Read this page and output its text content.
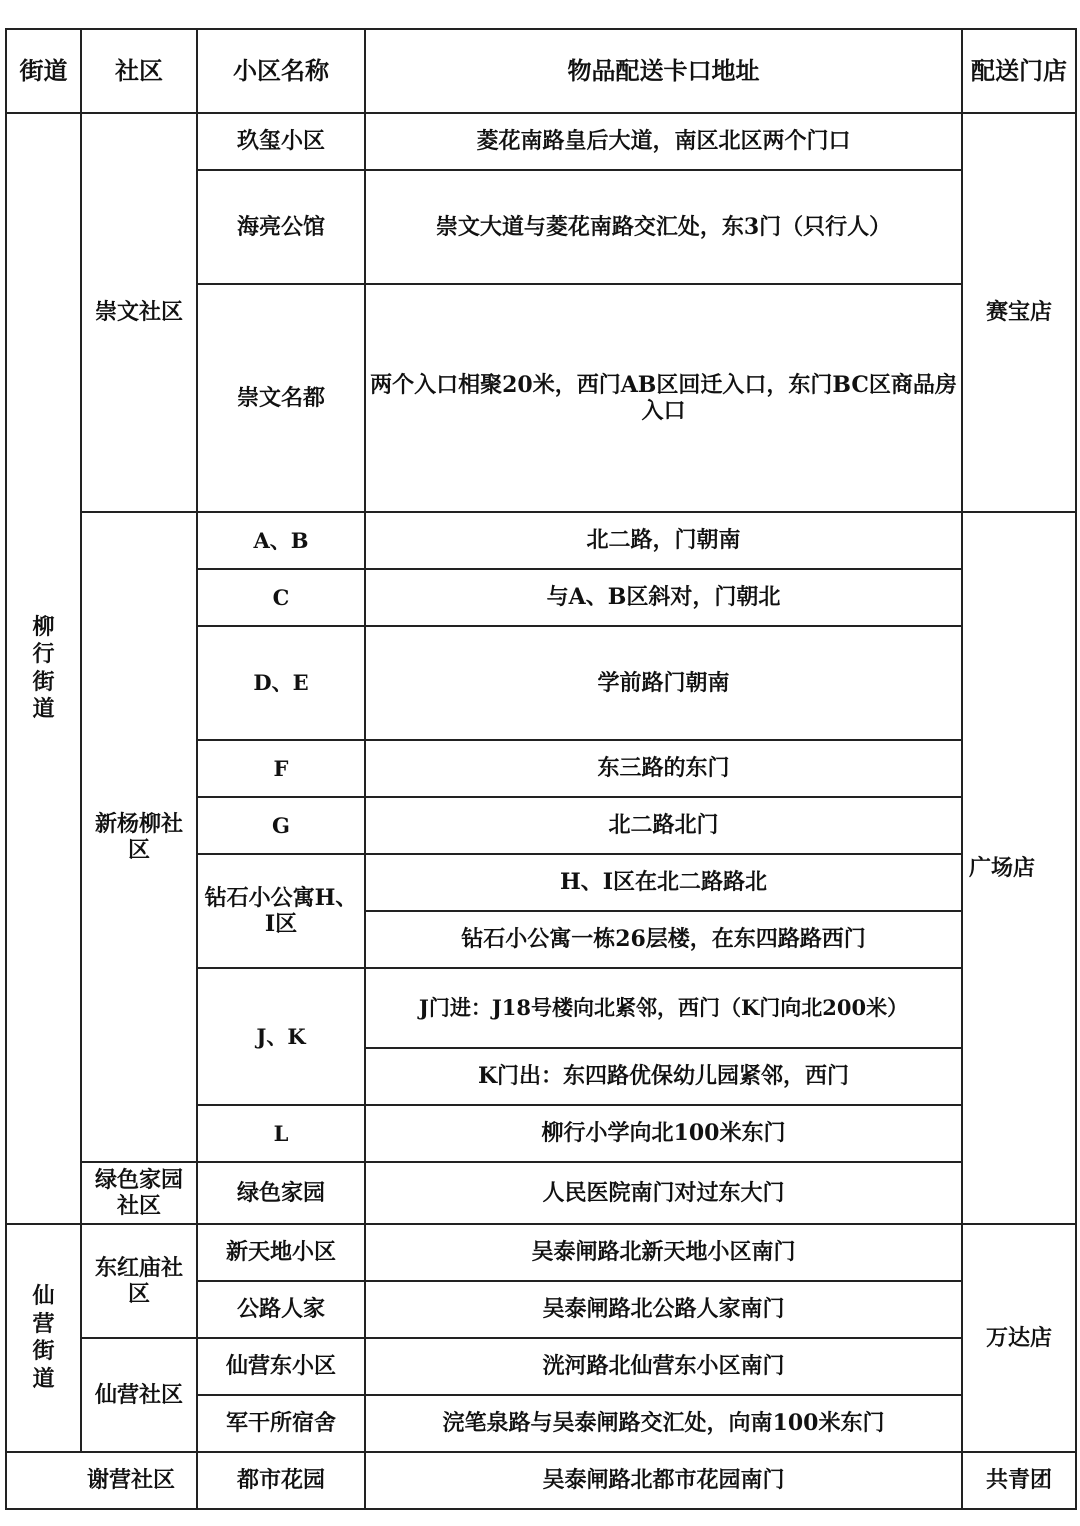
街道	社区	小区名称	物品配送卡口地址	配送门店
柳行街道	崇文社区	玖玺小区	菱花南路皇后大道，南区北区两个门口	赛宝店
		海亮公馆	崇文大道与菱花南路交汇处，东3门（只行人）	
		崇文名都	两个入口相聚20米，西门AB区回迁入口，东门BC区商品房入口	
	新杨柳社区	A、B	北二路，门朝南	广场店
		C	与A、B区斜对，门朝北	
		D、E	学前路门朝南	
		F	东三路的东门	
		G	北二路北门	
		钻石小公寓H、I区	H、I区在北二路路北	
			钻石小公寓一栋26层楼，在东四路路西门	
		J、K	J门进：J18号楼向北紧邻，西门（K门向北200米）	
			K门出：东四路优保幼儿园紧邻，西门	
		L	柳行小学向北100米东门	
	绿色家园社区	绿色家园	人民医院南门对过东大门	
仙营街道	东红庙社区	新天地小区	吴泰闸路北新天地小区南门	万达店
		公路人家	吴泰闸路北公路人家南门	
	仙营社区	仙营东小区	洸河路北仙营东小区南门	
		军干所宿舍	浣笔泉路与吴泰闸路交汇处，向南100米东门	
谢营社区		都市花园	吴泰闸路北都市花园南门	共青团
